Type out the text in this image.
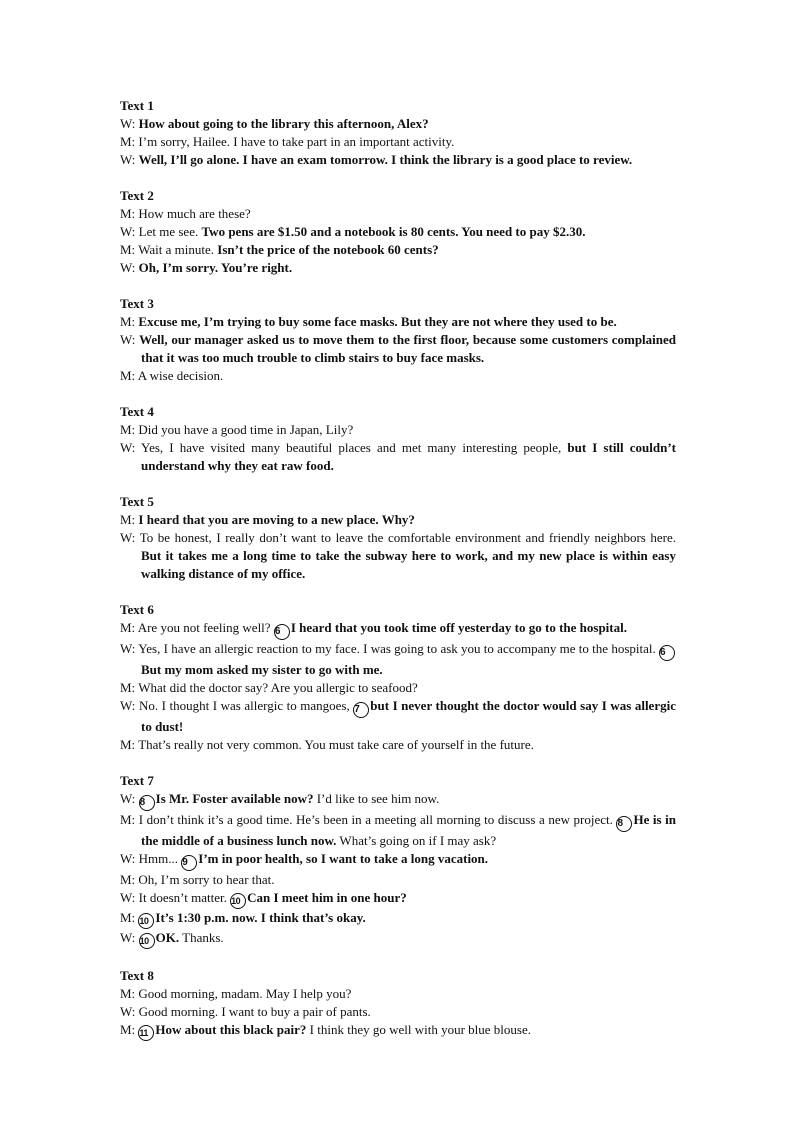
Text 1
W: How about going to the library this afternoon, Alex?
M: I’m sorry, Hailee. I have to take part in an important activity.
W: Well, I’ll go alone. I have an exam tomorrow. I think the library is a good place to review.
Text 2
M: How much are these?
W: Let me see. Two pens are $1.50 and a notebook is 80 cents. You need to pay $2.30.
M: Wait a minute. Isn’t the price of the notebook 60 cents?
W: Oh, I’m sorry. You’re right.
Text 3
M: Excuse me, I’m trying to buy some face masks. But they are not where they used to be.
W: Well, our manager asked us to move them to the first floor, because some customers complained that it was too much trouble to climb stairs to buy face masks.
M: A wise decision.
Text 4
M: Did you have a good time in Japan, Lily?
W: Yes, I have visited many beautiful places and met many interesting people, but I still couldn’t understand why they eat raw food.
Text 5
M: I heard that you are moving to a new place. Why?
W: To be honest, I really don’t want to leave the comfortable environment and friendly neighbors here. But it takes me a long time to take the subway here to work, and my new place is within easy walking distance of my office.
Text 6
M: Are you not feeling well? 6 I heard that you took time off yesterday to go to the hospital.
W: Yes, I have an allergic reaction to my face. I was going to ask you to accompany me to the hospital. 6But my mom asked my sister to go with me.
M: What did the doctor say? Are you allergic to seafood?
W: No. I thought I was allergic to mangoes, 7 but I never thought the doctor would say I was allergic to dust!
M: That’s really not very common. You must take care of yourself in the future.
Text 7
W: 8 Is Mr. Foster available now? I’d like to see him now.
M: I don’t think it’s a good time. He’s been in a meeting all morning to discuss a new project. 8 He is in the middle of a business lunch now. What’s going on if I may ask?
W: Hmm... 9 I’m in poor health, so I want to take a long vacation.
M: Oh, I’m sorry to hear that.
W: It doesn’t matter. 10 Can I meet him in one hour?
M: 10 It’s 1:30 p.m. now. I think that’s okay.
W: 10 OK. Thanks.
Text 8
M: Good morning, madam. May I help you?
W: Good morning. I want to buy a pair of pants.
M: 11 How about this black pair? I think they go well with your blue blouse.
